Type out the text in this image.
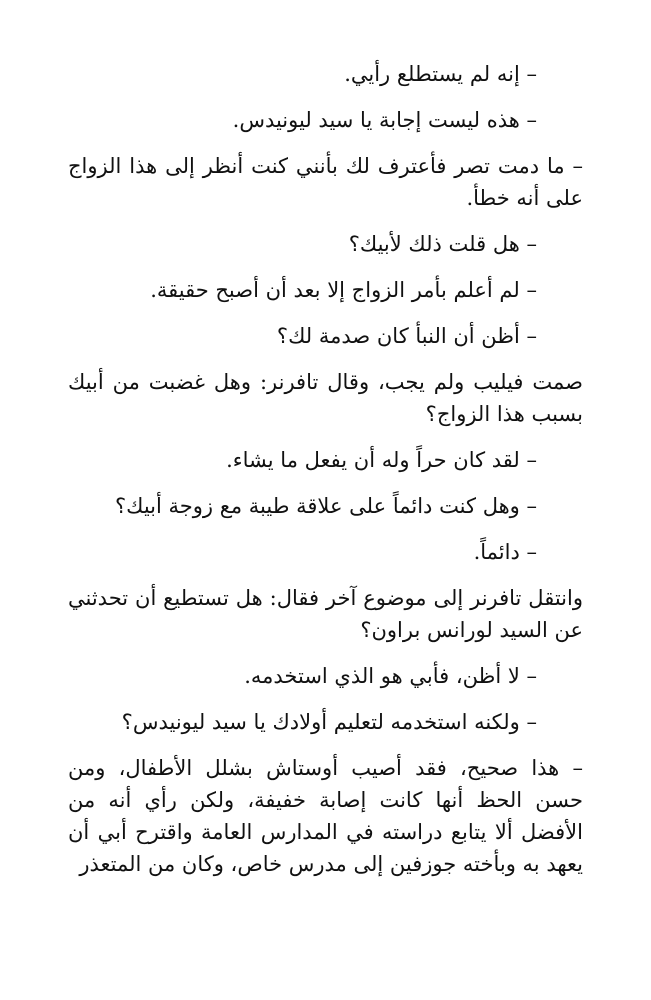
– إنه لم يستطلع رأيي.

– هذه ليست إجابة يا سيد ليونيدس.

– ما دمت تصر فأعترف لك بأنني كنت أنظر إلى هذا الزواج على أنه خطأ.

– هل قلت ذلك لأبيك؟

– لم أعلم بأمر الزواج إلا بعد أن أصبح حقيقة.

– أظن أن النبأ كان صدمة لك؟

صمت فيليب ولم يجب، وقال تافرنر: وهل غضبت من أبيك بسبب هذا الزواج؟

– لقد كان حراً وله أن يفعل ما يشاء.

– وهل كنت دائماً على علاقة طيبة مع زوجة أبيك؟

– دائماً.

وانتقل تافرنر إلى موضوع آخر فقال: هل تستطيع أن تحدثني عن السيد لورانس براون؟

– لا أظن، فأبي هو الذي استخدمه.

– ولكنه استخدمه لتعليم أولادك يا سيد ليونيدس؟

– هذا صحيح، فقد أصيب أوستاش بشلل الأطفال، ومن حسن الحظ أنها كانت إصابة خفيفة، ولكن رأي أنه من الأفضل ألا يتابع دراسته في المدارس العامة واقترح أبي أن يعهد به وبأخته جوزفين إلى مدرس خاص، وكان من المتعذر
